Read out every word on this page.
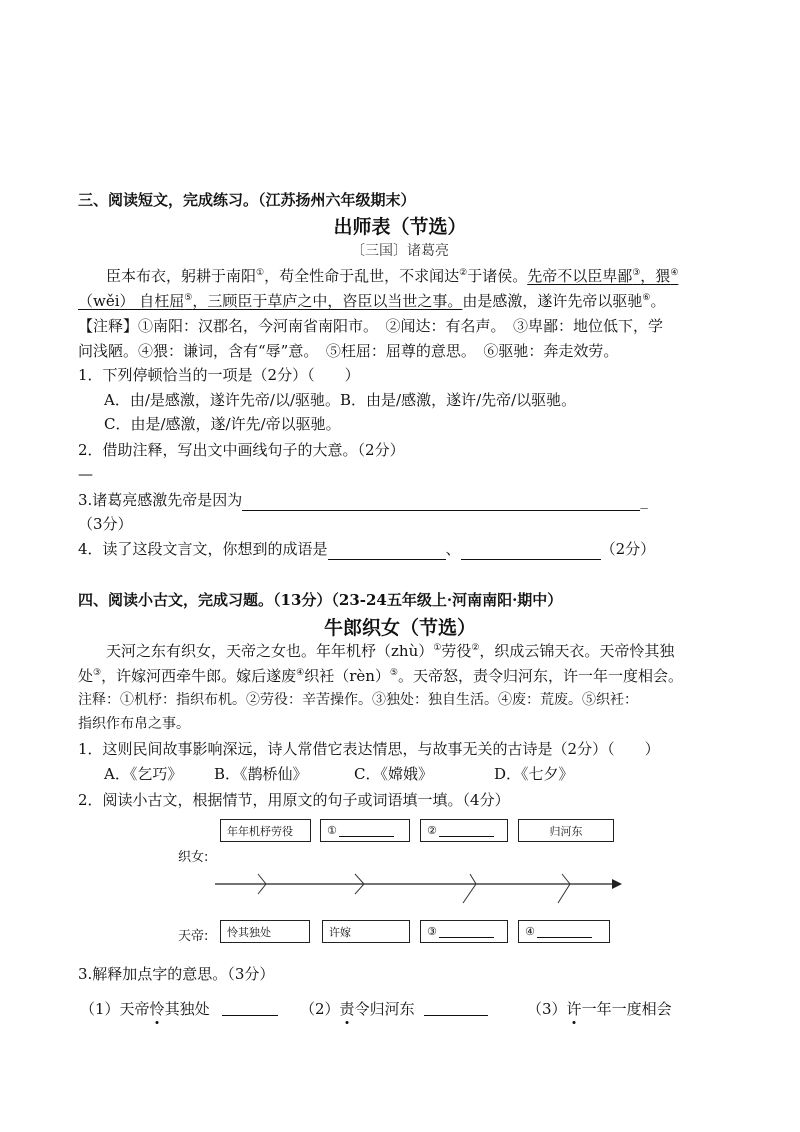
三、阅读短文，完成练习。（江苏扬州六年级期末）
出师表（节选）
〔三国〕诸葛亮
臣本布衣，躬耕于南阳①，苟全性命于乱世，不求闻达②于诸侯。先帝不以臣卑鄙③，猥④
（wěi） 自枉屈⑤，三顾臣于草庐之中，咨臣以当世之事。由是感激，遂许先帝以驱驰⑥。
【注释】①南阳：汉郡名，今河南省南阳市。　②闻达：有名声。　③卑鄙：地位低下，学
问浅陋。④猥：谦词，含有“辱”意。　⑤枉屈：屈尊的意思。　⑥驱驰：奔走效劳。
1．下列停顿恰当的一项是（2分）（　　）
A．由/是感激，遂许先帝/以/驱驰。B．由是/感激，遂许/先帝/以驱驰。
C．由是/感激，遂/许先/帝以驱驰。
2．借助注释，写出文中画线句子的大意。（2分）
—
3.诸葛亮感激先帝是因为	_
（3分）
4．读了这段文言文，你想到的成语是	、	（2分）
四、阅读小古文，完成习题。（13分）（23-24五年级上·河南南阳·期中）
牛郎织女（节选）
天河之东有织女，天帝之女也。年年机杼（zhù）①劳役②，织成云锦天衣。天帝怜其独
处③，许嫁河西牵牛郎。嫁后遂废④织衽（rèn）⑤。天帝怒，责令归河东，许一年一度相会。
注释：①机杼：指织布机。②劳役：辛苦操作。③独处：独自生活。④废：荒废。⑤织衽：
指织作布帛之事。
1．这则民间故事影响深远，诗人常借它表达情思，与故事无关的古诗是（2分）（　　）
A．《乞巧》 B．《鹊桥仙》	C．《嫦娥》	D．《七夕》
2．阅读小古文，根据情节，用原文的句子或词语填一填。（4分）
织女:
天帝:
年年机杼劳役	①	②	归河东
怜其独处	许嫁	③	④
3.解释加点字的意思。（3分）
（1）天帝怜其独处	（2）责令归河东	（3）许一年一度相会
